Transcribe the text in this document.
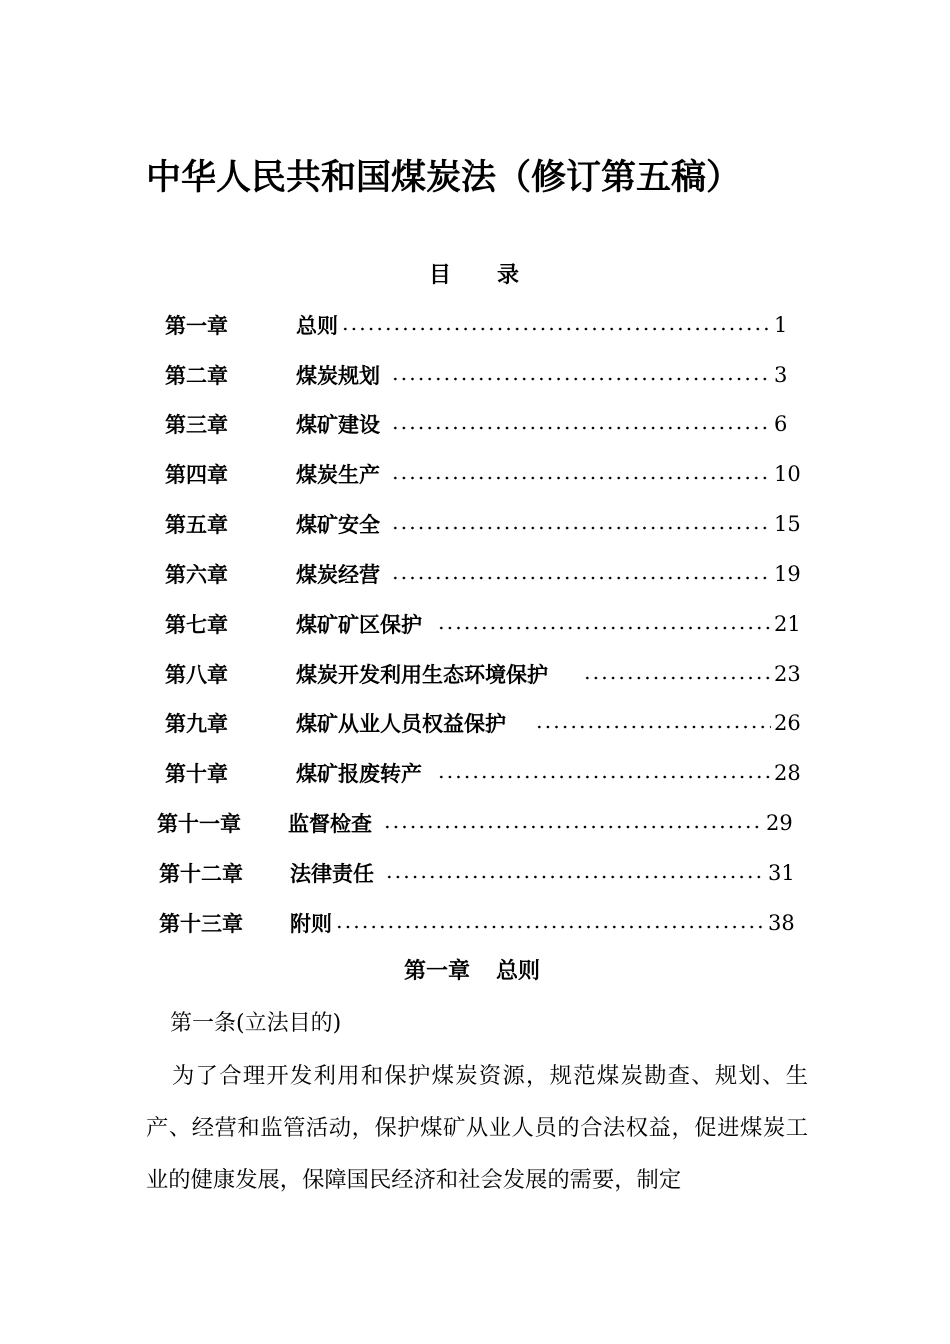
中华人民共和国煤炭法（修订第五稿）
目 录
第一章	总则	1
第二章	煤炭规划	3
第三章	煤矿建设	6
第四章	煤炭生产	10
第五章	煤矿安全	15
第六章	煤炭经营	19
第七章	煤矿矿区保护	21
第八章	煤炭开发利用生态环境保护	23
第九章	煤矿从业人员权益保护	26
第十章	煤矿报废转产	28
第十一章 监督检查	29
第十二章 法律责任	31
第十三章 附则	38
第一章 总则
第一条(立法目的)

为了合理开发利用和保护煤炭资源，规范煤炭勘查、规划、生产、经营和监管活动，保护煤矿从业人员的合法权益，促进煤炭工业的健康发展，保障国民经济和社会发展的需要，制定
